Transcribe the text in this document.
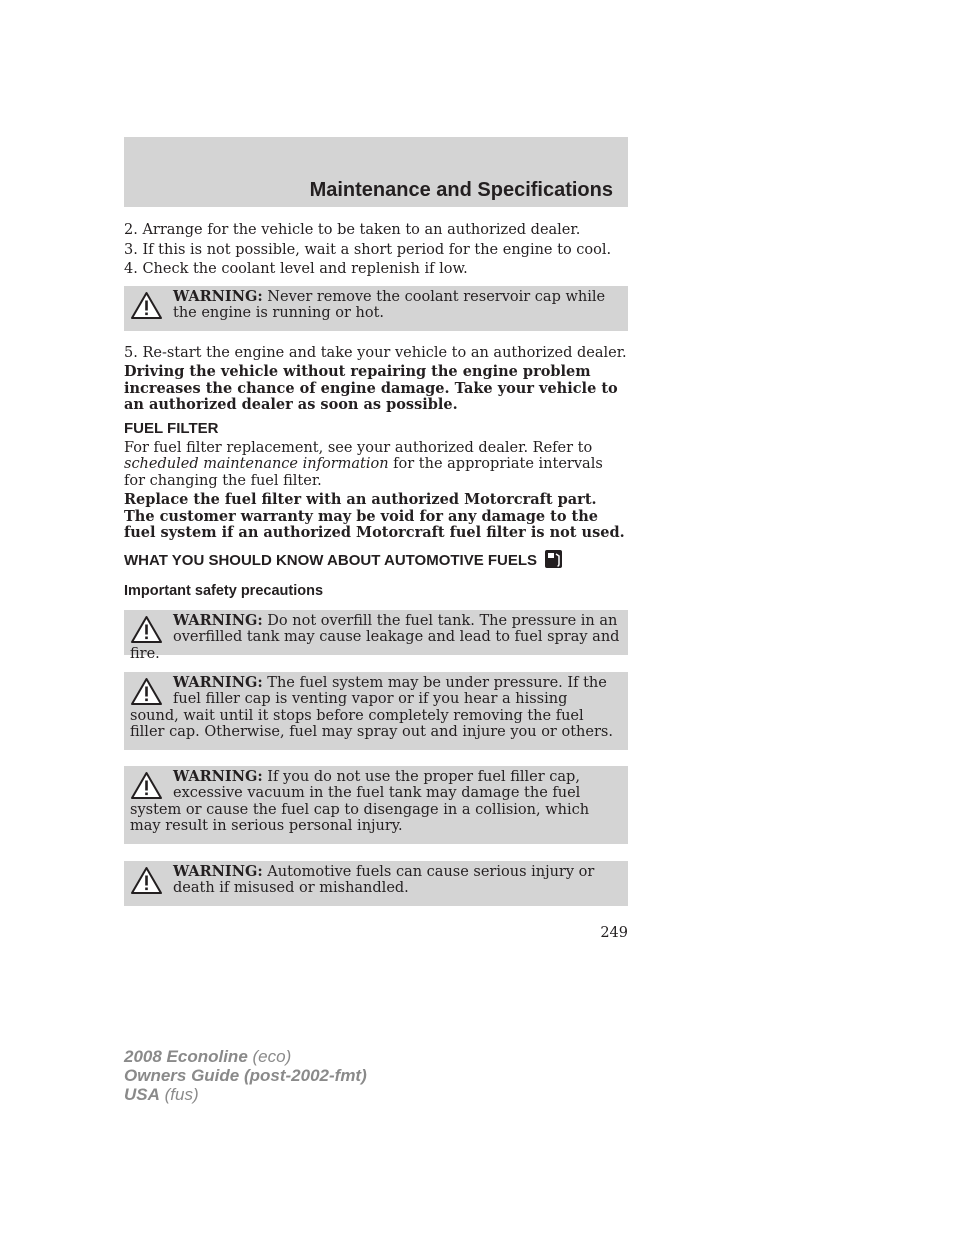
Maintenance and Specifications

2. Arrange for the vehicle to be taken to an authorized dealer.

3. If this is not possible, wait a short period for the engine to cool.

4. Check the coolant level and replenish if low.

WARNING: Never remove the coolant reservoir cap while the engine is running or hot.

5. Re-start the engine and take your vehicle to an authorized dealer.

Driving the vehicle without repairing the engine problem increases the chance of engine damage. Take your vehicle to an authorized dealer as soon as possible.

FUEL FILTER

For fuel filter replacement, see your authorized dealer. Refer to scheduled maintenance information for the appropriate intervals for changing the fuel filter.

Replace the fuel filter with an authorized Motorcraft part. The customer warranty may be void for any damage to the fuel system if an authorized Motorcraft fuel filter is not used.

WHAT YOU SHOULD KNOW ABOUT AUTOMOTIVE FUELS

Important safety precautions

WARNING: Do not overfill the fuel tank. The pressure in an overfilled tank may cause leakage and lead to fuel spray and fire.
WARNING: The fuel system may be under pressure. If the fuel filler cap is venting vapor or if you hear a hissing sound, wait until it stops before completely removing the fuel filler cap. Otherwise, fuel may spray out and injure you or others.
WARNING: If you do not use the proper fuel filler cap, excessive vacuum in the fuel tank may damage the fuel system or cause the fuel cap to disengage in a collision, which may result in serious personal injury.
WARNING: Automotive fuels can cause serious injury or death if misused or mishandled.

249

2008 Econoline (eco)
Owners Guide (post-2002-fmt)
USA (fus)
